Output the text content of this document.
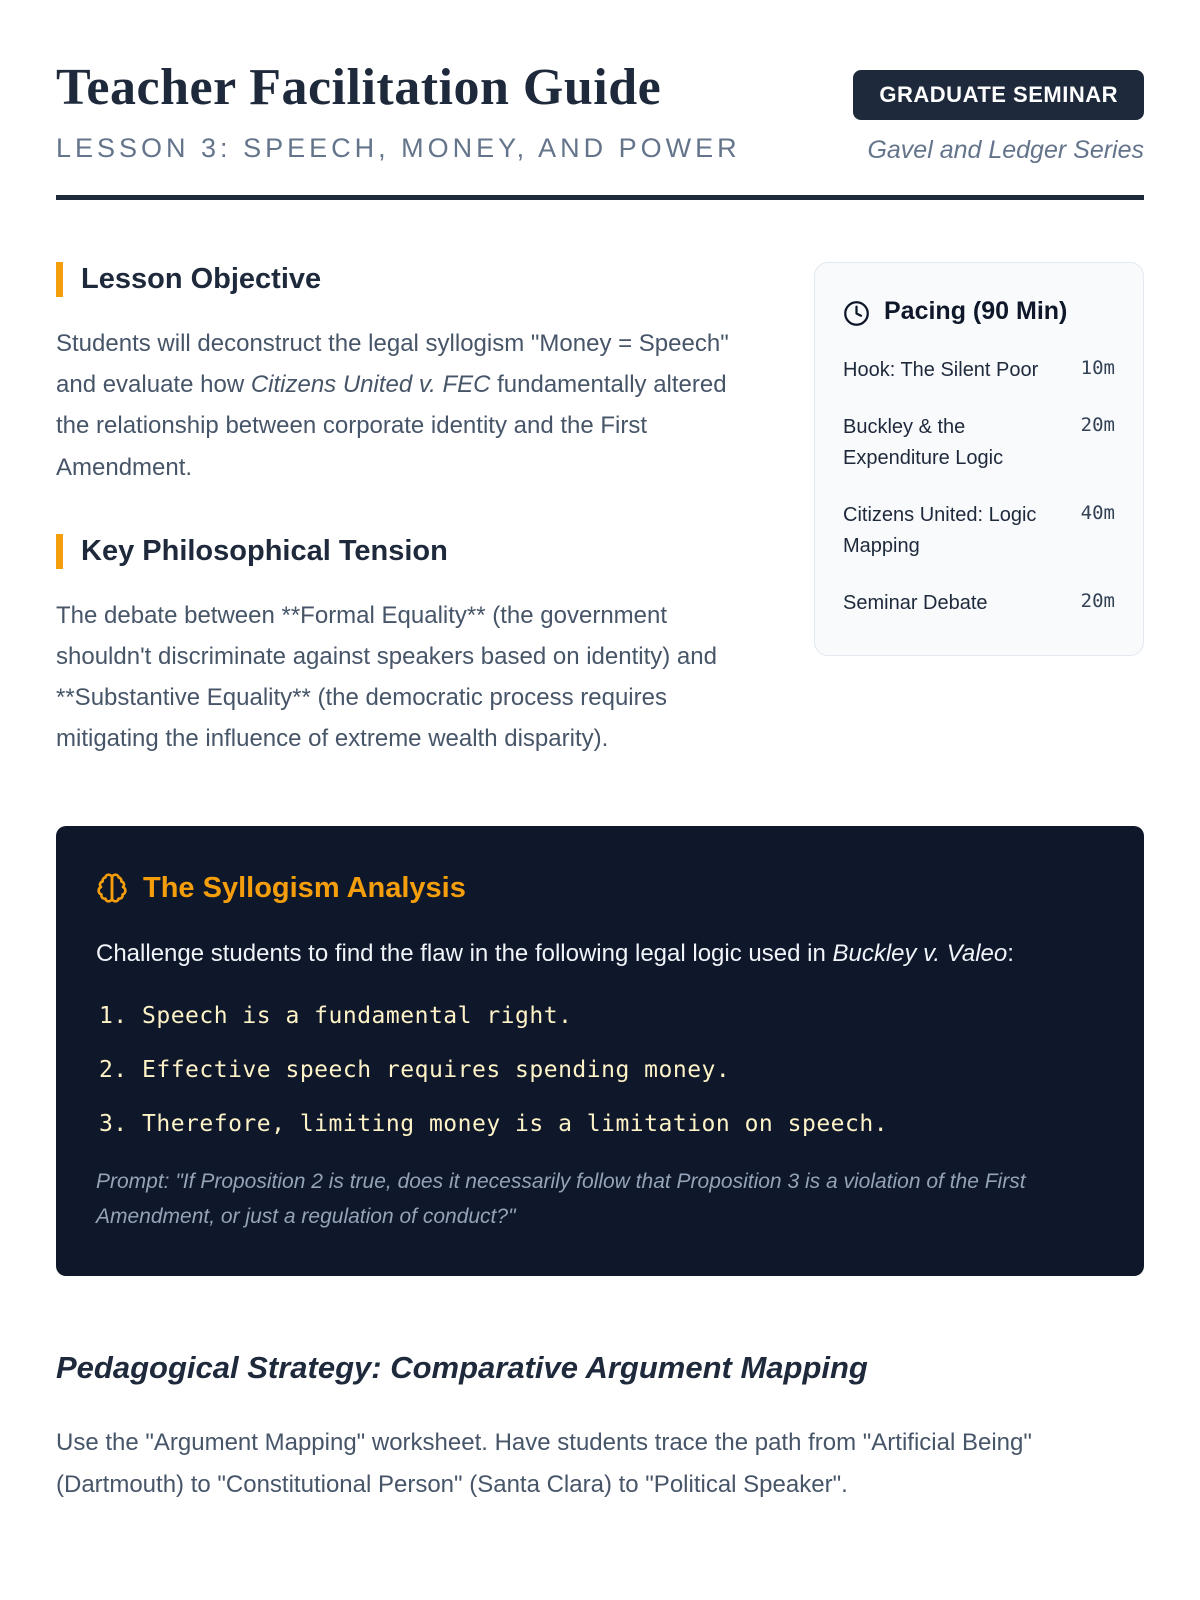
Teacher Facilitation Guide
LESSON 3: SPEECH, MONEY, AND POWER
GRADUATE SEMINAR
Gavel and Ledger Series
Lesson Objective

Students will deconstruct the legal syllogism "Money = Speech" and evaluate how Citizens United v. FEC fundamentally altered the relationship between corporate identity and the First Amendment.

Key Philosophical Tension

The debate between **Formal Equality** (the government shouldn't discriminate against speakers based on identity) and **Substantive Equality** (the democratic process requires mitigating the influence of extreme wealth disparity).

Pacing (90 Min)
Hook: The Silent Poor 10m
Buckley & the Expenditure Logic
20m
Citizens United: Logic Mapping
40m
Seminar Debate	20m
The Syllogism Analysis

Challenge students to find the flaw in the following legal logic used in Buckley v. Valeo:

1. Speech is a fundamental right.
2. Effective speech requires spending money.
3. Therefore, limiting money is a limitation on speech.

Prompt: "If Proposition 2 is true, does it necessarily follow that Proposition 3 is a violation of the First Amendment, or just a regulation of conduct?"

Pedagogical Strategy: Comparative Argument Mapping

Use the "Argument Mapping" worksheet. Have students trace the path from "Artificial Being" (Dartmouth) to "Constitutional Person" (Santa Clara) to "Political Speaker".
